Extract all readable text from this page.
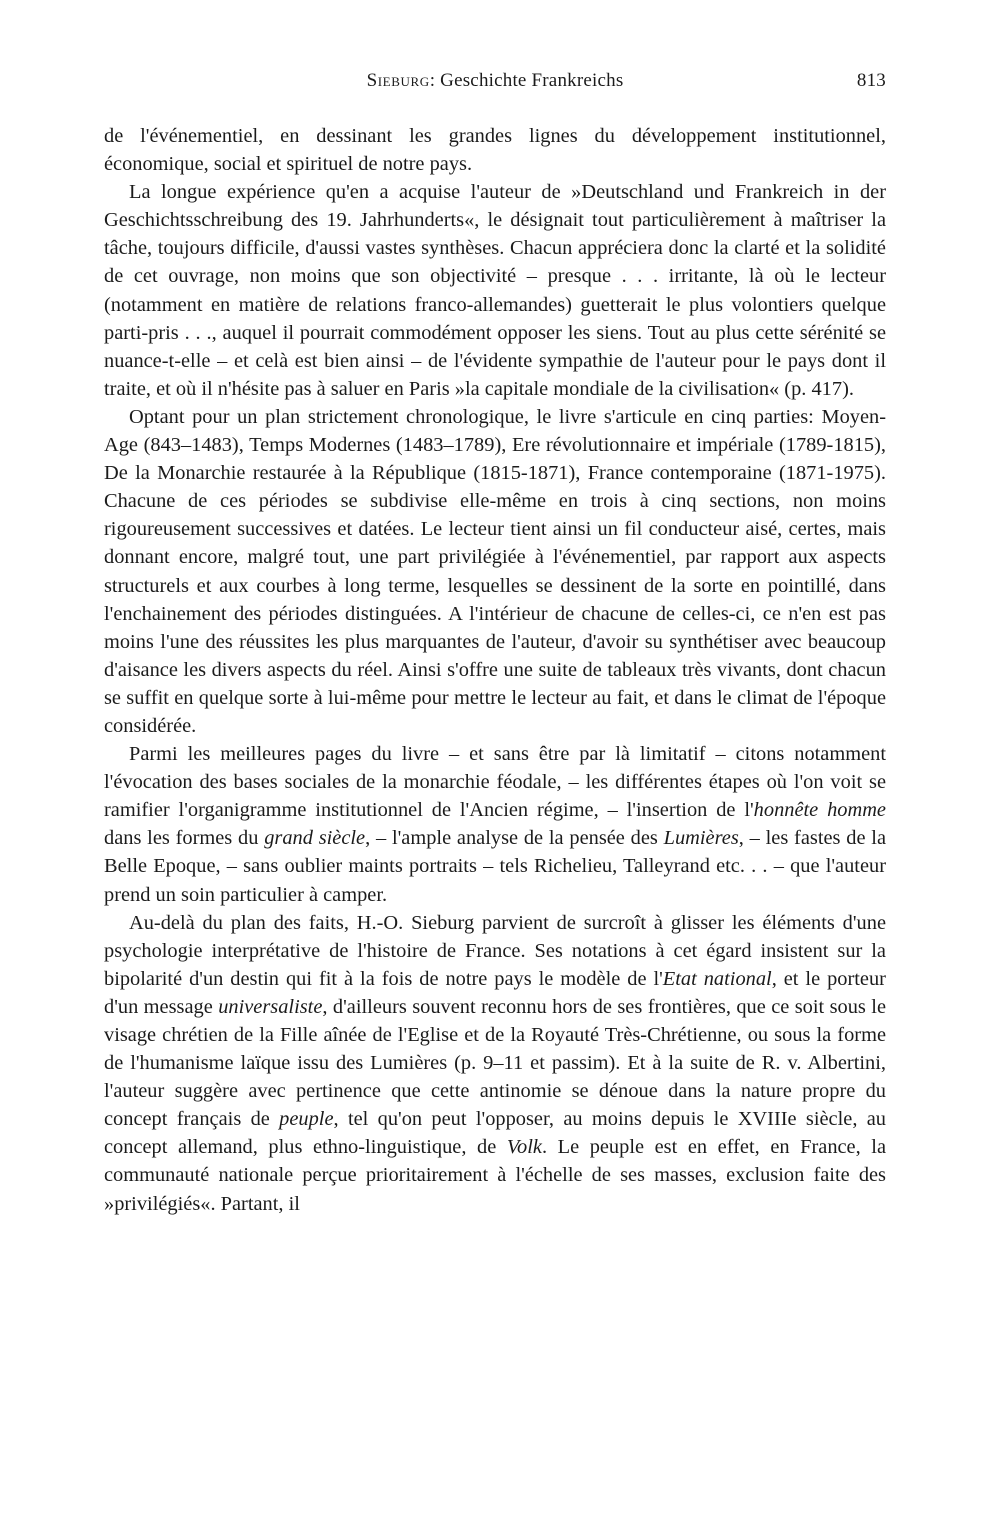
Sieburg: Geschichte Frankreichs	813

de l'événementiel, en dessinant les grandes lignes du développement institutionnel, économique, social et spirituel de notre pays.

La longue expérience qu'en a acquise l'auteur de »Deutschland und Frankreich in der Geschichtsschreibung des 19. Jahrhunderts«, le désignait tout particulièrement à maîtriser la tâche, toujours difficile, d'aussi vastes synthèses. Chacun appréciera donc la clarté et la solidité de cet ouvrage, non moins que son objectivité – presque . . . irritante, là où le lecteur (notamment en matière de relations franco-allemandes) guetterait le plus volontiers quelque parti-pris . . ., auquel il pourrait commodément opposer les siens. Tout au plus cette sérénité se nuance-t-elle – et celà est bien ainsi – de l'évidente sympathie de l'auteur pour le pays dont il traite, et où il n'hésite pas à saluer en Paris »la capitale mondiale de la civilisation« (p. 417).

Optant pour un plan strictement chronologique, le livre s'articule en cinq parties: Moyen-Age (843–1483), Temps Modernes (1483–1789), Ere révolutionnaire et impériale (1789-1815), De la Monarchie restaurée à la République (1815-1871), France contemporaine (1871-1975). Chacune de ces périodes se subdivise elle-même en trois à cinq sections, non moins rigoureusement successives et datées. Le lecteur tient ainsi un fil conducteur aisé, certes, mais donnant encore, malgré tout, une part privilégiée à l'événementiel, par rapport aux aspects structurels et aux courbes à long terme, lesquelles se dessinent de la sorte en pointillé, dans l'enchainement des périodes distinguées. A l'intérieur de chacune de celles-ci, ce n'en est pas moins l'une des réussites les plus marquantes de l'auteur, d'avoir su synthétiser avec beaucoup d'aisance les divers aspects du réel. Ainsi s'offre une suite de tableaux très vivants, dont chacun se suffit en quelque sorte à lui-même pour mettre le lecteur au fait, et dans le climat de l'époque considérée.

Parmi les meilleures pages du livre – et sans être par là limitatif – citons notamment l'évocation des bases sociales de la monarchie féodale, – les différentes étapes où l'on voit se ramifier l'organigramme institutionnel de l'Ancien régime, – l'insertion de l'honnête homme dans les formes du grand siècle, – l'ample analyse de la pensée des Lumières, – les fastes de la Belle Epoque, – sans oublier maints portraits – tels Richelieu, Talleyrand etc. . . – que l'auteur prend un soin particulier à camper.

Au-delà du plan des faits, H.-O. Sieburg parvient de surcroît à glisser les éléments d'une psychologie interprétative de l'histoire de France. Ses notations à cet égard insistent sur la bipolarité d'un destin qui fit à la fois de notre pays le modèle de l'Etat national, et le porteur d'un message universaliste, d'ailleurs souvent reconnu hors de ses frontières, que ce soit sous le visage chrétien de la Fille aînée de l'Eglise et de la Royauté Très-Chrétienne, ou sous la forme de l'humanisme laïque issu des Lumières (p. 9–11 et passim). Et à la suite de R. v. Albertini, l'auteur suggère avec pertinence que cette antinomie se dénoue dans la nature propre du concept français de peuple, tel qu'on peut l'opposer, au moins depuis le XVIIIe siècle, au concept allemand, plus ethno-linguistique, de Volk. Le peuple est en effet, en France, la communauté nationale perçue prioritairement à l'échelle de ses masses, exclusion faite des »privilégiés«. Partant, il
